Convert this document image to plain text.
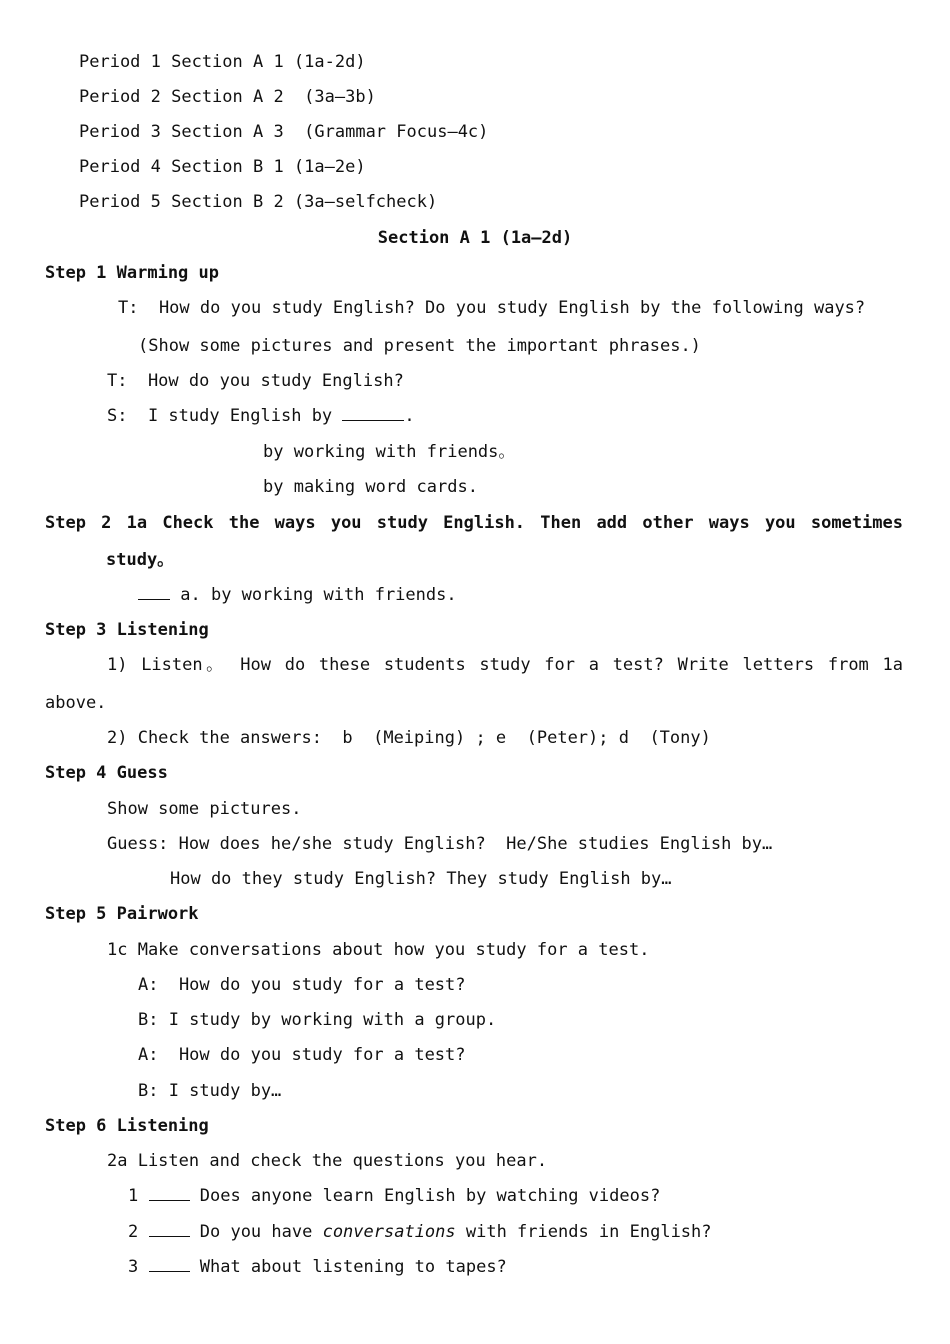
Period 1 Section A 1 (1a-2d)
Period 2 Section A 2  (3a—3b)
Period 3 Section A 3  (Grammar Focus—4c)
Period 4 Section B 1 (1a—2e)
Period 5 Section B 2 (3a—selfcheck)
Section A 1 (1a—2d)
Step 1 Warming up
T:  How do you study English? Do you study English by the following ways?
(Show some pictures and present the important phrases.)
T:  How do you study English?
S:  I study English by	.
by working with friends。
by making word cards.
Step 2 1a Check the ways you study English. Then add other ways you sometimes
study。
a. by working with friends.
Step 3 Listening
1) Listen。 How do these students study for a test? Write letters from 1a
above.
2) Check the answers:  b  (Meiping) ; e  (Peter); d  (Tony)
Step 4 Guess
Show some pictures.
Guess: How does he/she study English?  He/She studies English by…
How do they study English? They study English by…
Step 5 Pairwork
1c Make conversations about how you study for a test.
A:  How do you study for a test?
B: I study by working with a group.
A:  How do you study for a test?
B: I study by…
Step 6 Listening
2a Listen and check the questions you hear.
1	Does anyone learn English by watching videos?
2	Do you have conversations with friends in English?
3	What about listening to tapes?
